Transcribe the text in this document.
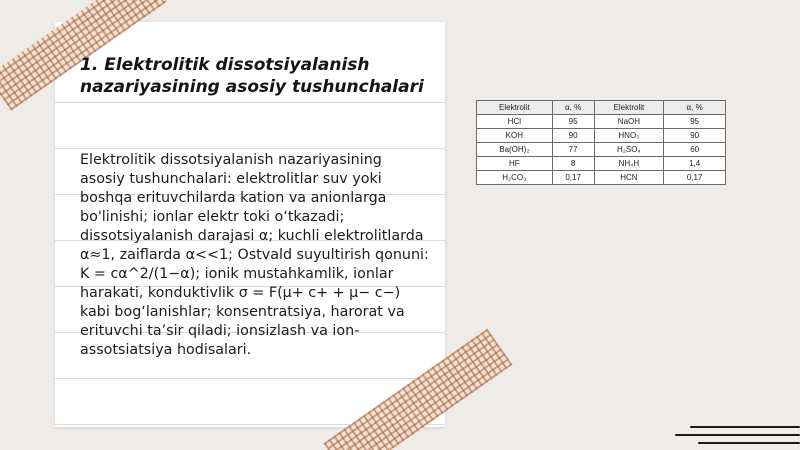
1. Elektrolitik dissotsiyalanish nazariyasining asosiy tushunchalari

Elektrolitik dissotsiyalanish nazariyasining asosiy tushunchalari: elektrolitlar suv yoki boshqa erituvchilarda kation va anionlarga bo'linishi; ionlar elektr toki o‘tkazadi; dissotsiyalanish darajasi α; kuchli elektrolitlarda α≈1, zaiflarda α<<1; Ostvald suyultirish qonuni: K = cα^2/(1−α); ionik mustahkamlik, ionlar harakati, konduktivlik σ = F(μ+ c+ + μ− c−) kabi bog‘lanishlar; konsentratsiya, harorat va erituvchi ta’sir qiladi; ionsizlash va ion-assotsiatsiya hodisalari.

Elektrolit	α, %	Elektrolit	α, %
HCl	95	NaOH	95
KOH	90	HNO₃	90
Ba(OH)₂	77	H₂SO₄	60
HF	8	NH₄H	1,4
H₂CO₃	0,17	HCN	0,17
